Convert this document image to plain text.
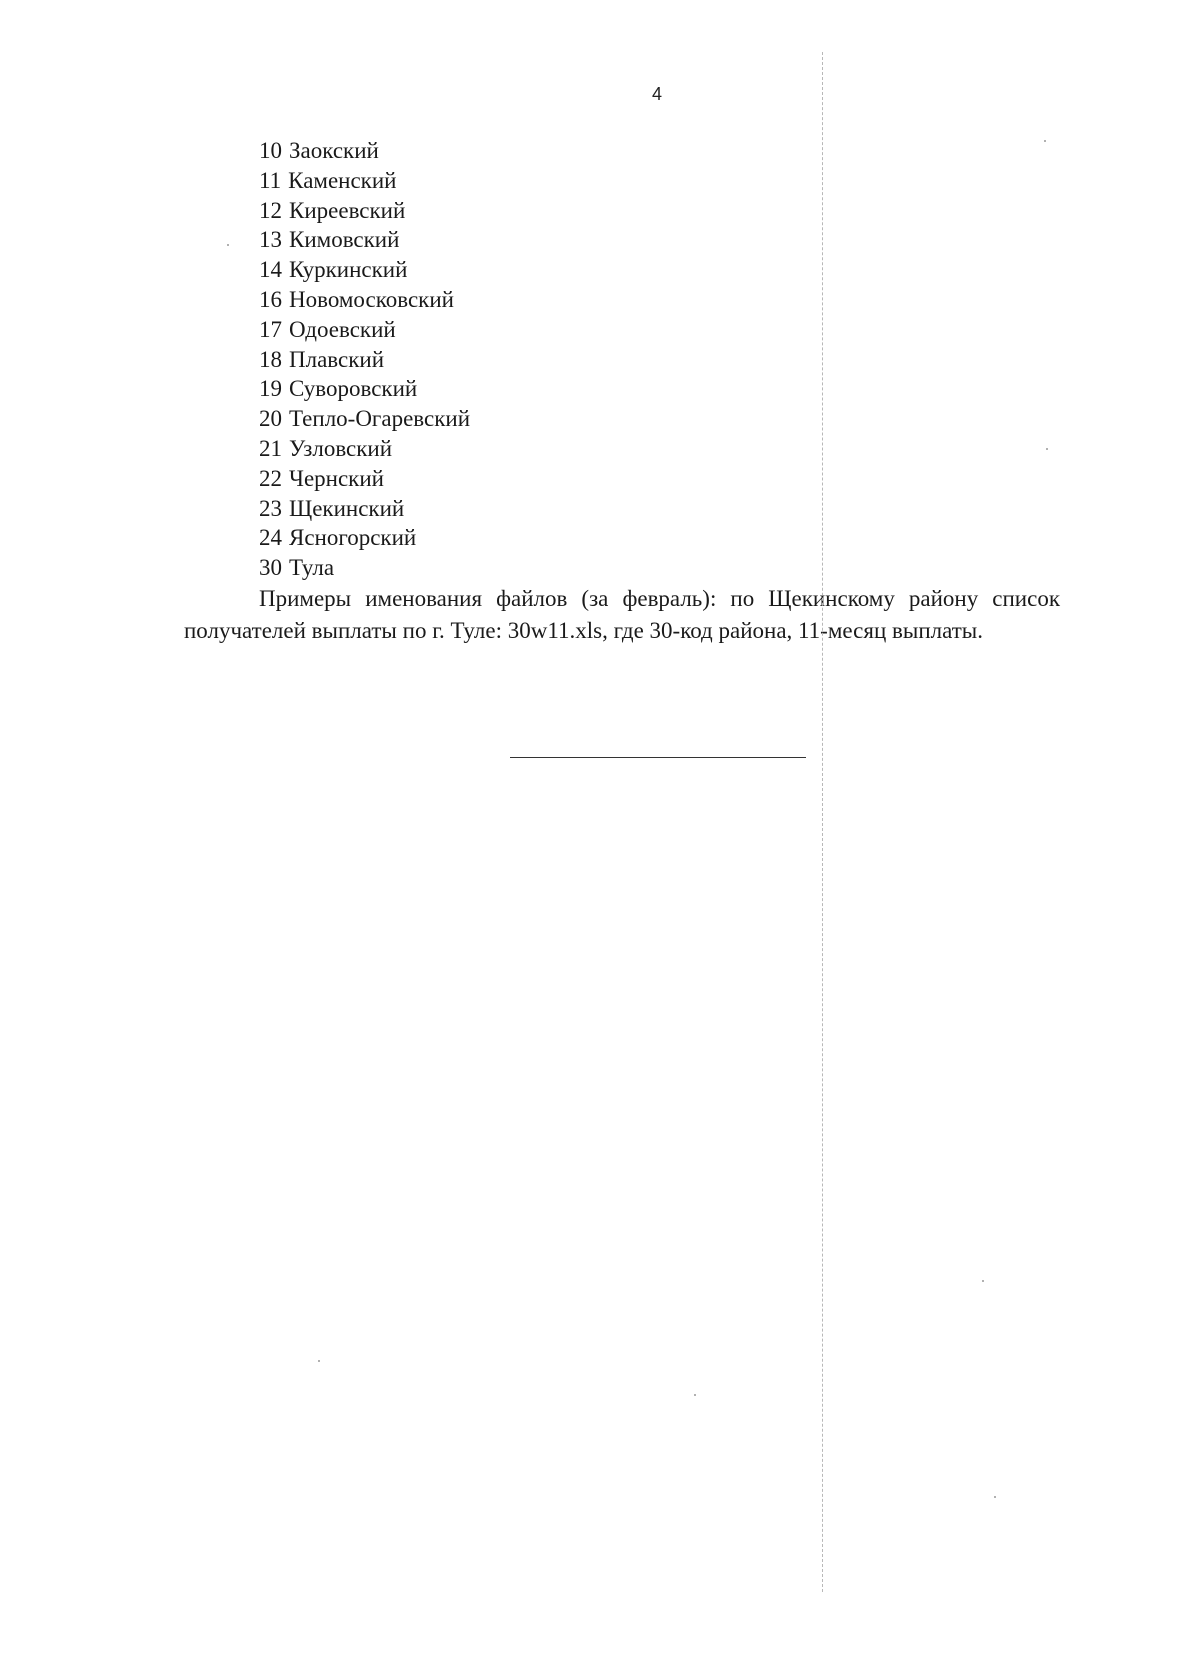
4
10 Заокский
11 Каменский
12 Киреевский
13 Кимовский
14 Куркинский
16 Новомосковский
17 Одоевский
18 Плавский
19 Суворовский
20 Тепло-Огаревский
21 Узловский
22 Чернский
23 Щекинский
24 Ясногорский
30 Тула

Примеры именования файлов (за февраль): по Щекинскому району список получателей выплаты по г. Туле: 30w11.xls, где 30-код района, 11-месяц выплаты.
